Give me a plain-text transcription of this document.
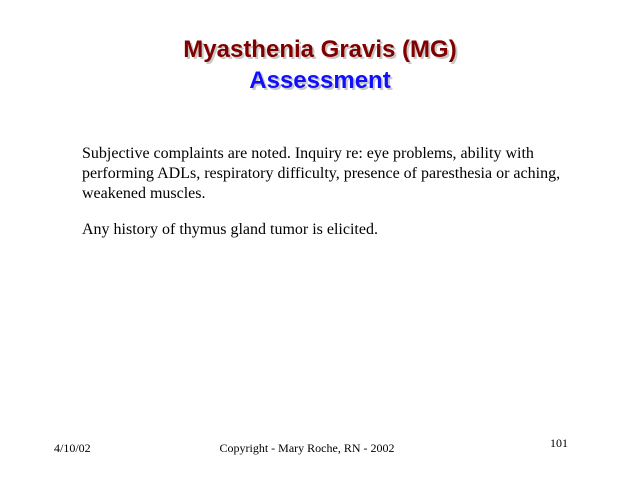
Myasthenia Gravis (MG)
Assessment

Subjective complaints are noted. Inquiry re: eye problems, ability with performing ADLs, respiratory difficulty, presence of paresthesia or aching, weakened muscles.

Any history of thymus gland tumor is elicited.

4/10/02	Copyright - Mary Roche, RN - 2002	101
